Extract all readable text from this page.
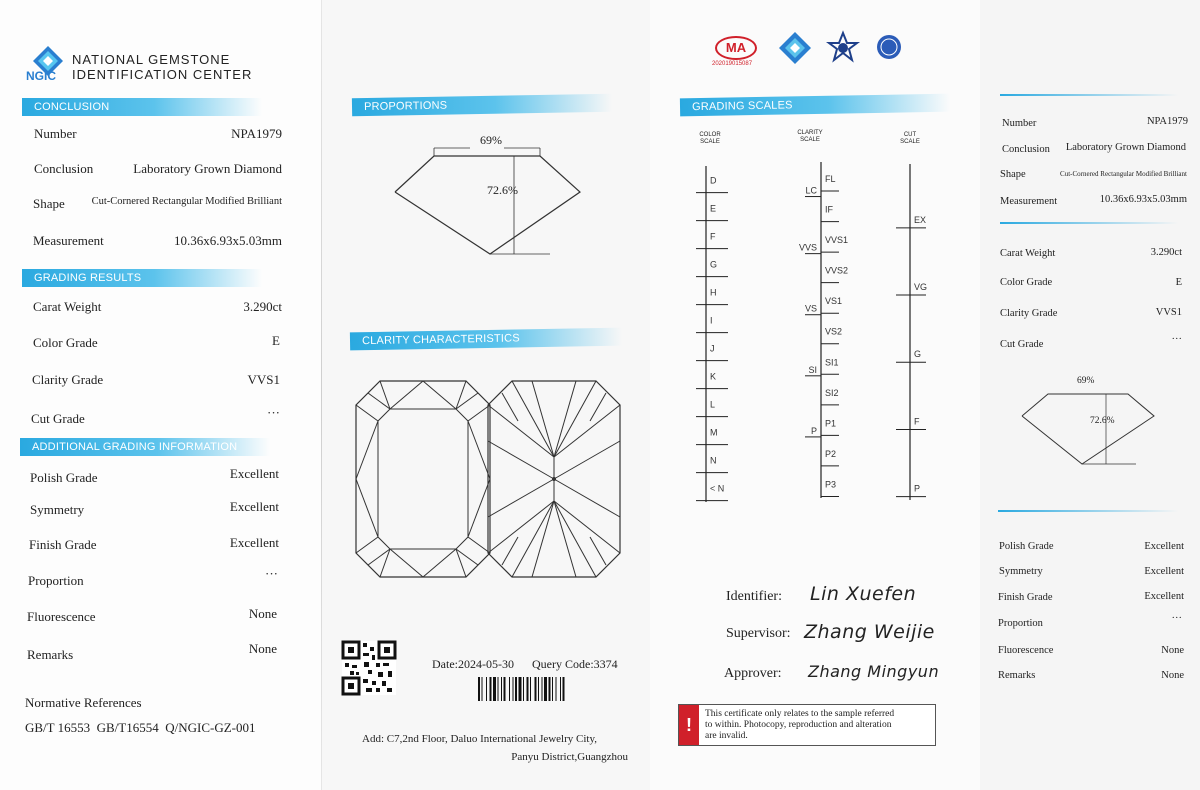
NGIC
NATIONAL GEMSTONE
IDENTIFICATION CENTER
CONCLUSION
Number	NPA1979
Conclusion	Laboratory Grown Diamond
Shape	Cut-Cornered Rectangular Modified Brilliant
Measurement	10.36x6.93x5.03mm
GRADING RESULTS
Carat Weight	3.290ct
Color Grade	E
Clarity Grade	VVS1
Cut Grade	···
ADDITIONAL GRADING INFORMATION
Polish Grade	Excellent
Symmetry	Excellent
Finish Grade	Excellent
Proportion	···
Fluorescence	None
Remarks	None
Normative References
GB/T 16553  GB/T16554  Q/NGIC-GZ-001
PROPORTIONS
69%
72.6%
CLARITY CHARACTERISTICS
Date:2024-05-30 Query Code:3374
Add: C7,2nd Floor, Daluo International Jewelry City,
Panyu District,Guangzhou
MA
202019015087
GRADING SCALES
COLOR
SCALE
CLARITY
SCALE
CUT
SCALE
D
E
F
G
H
I
J
K
L
M
N
< N
FL
IF
VVS1
VVS2
VS1
VS2
SI1
SI2
P1
P2
P3
LC
VVS
VS
SI
P
EX
VG
G
F
P
Identifier: Lin Xuefen
Supervisor: Zhang Weijie
Approver: Zhang Mingyun
!
This certificate only relates to the sample referred
to within. Photocopy, reproduction and alteration
are invalid.
Number	NPA1979
Conclusion Laboratory Grown Diamond
Shape	Cut-Cornered Rectangular Modified Brilliant
Measurement	10.36x6.93x5.03mm
Carat Weight	3.290ct
Color Grade	E
Clarity Grade	VVS1
Cut Grade	···
69%
72.6%
Polish Grade	Excellent
Symmetry	Excellent
Finish Grade	Excellent
Proportion	···
Fluorescence	None
Remarks	None
